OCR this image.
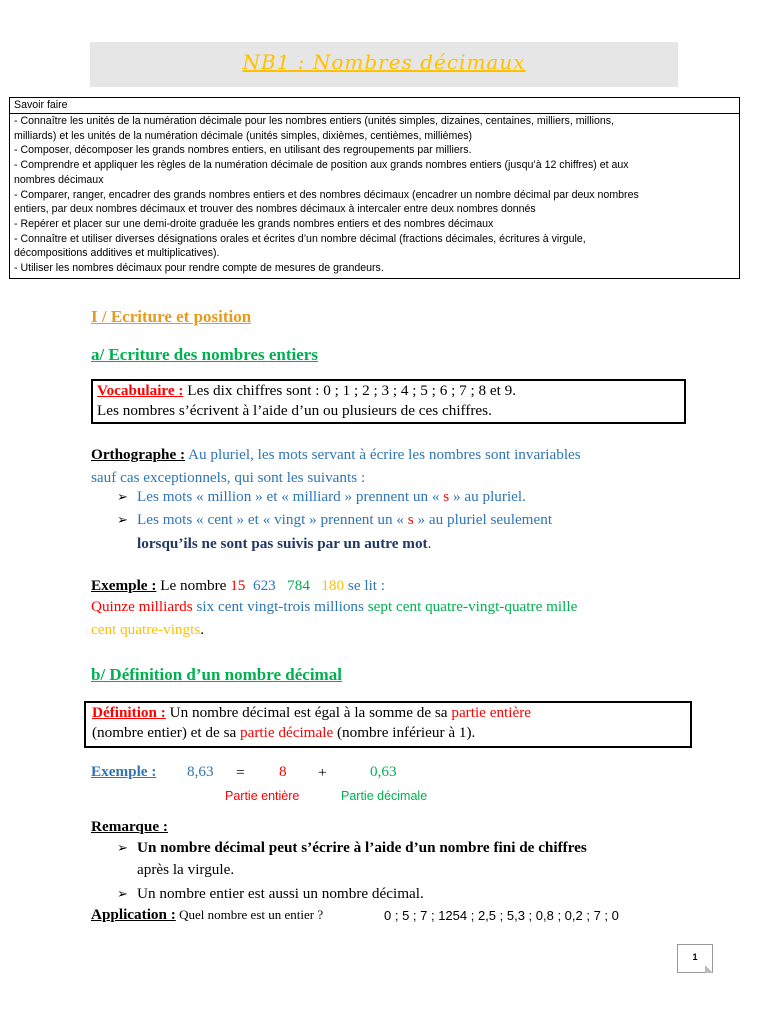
NB1 : Nombres décimaux
Savoir faire
- Connaître les unités de la numération décimale pour les nombres entiers (unités simples, dizaines, centaines, milliers, millions,
milliards) et les unités de la numération décimale (unités simples, dixièmes, centièmes, millièmes)
- Composer, décomposer les grands nombres entiers, en utilisant des regroupements par milliers.
- Comprendre et appliquer les règles de la numération décimale de position aux grands nombres entiers (jusqu’à 12 chiffres) et aux
nombres décimaux
- Comparer, ranger, encadrer des grands nombres entiers et des nombres décimaux (encadrer un nombre décimal par deux nombres
entiers, par deux nombres décimaux et trouver des nombres décimaux à intercaler entre deux nombres donnés
- Repérer et placer sur une demi-droite graduée les grands nombres entiers et des nombres décimaux
- Connaître et utiliser diverses désignations orales et écrites d’un nombre décimal (fractions décimales, écritures à virgule,
décompositions additives et multiplicatives).
- Utiliser les nombres décimaux pour rendre compte de mesures de grandeurs.
I / Ecriture et position
a/ Ecriture des nombres entiers
Vocabulaire : Les dix chiffres sont : 0 ; 1 ; 2 ; 3 ; 4 ; 5 ; 6 ; 7 ; 8 et 9.
Les nombres s’écrivent à l’aide d’un ou plusieurs de ces chiffres.
Orthographe : Au pluriel, les mots servant à écrire les nombres sont invariables
sauf cas exceptionnels, qui sont les suivants :
➢ Les mots « million » et « milliard » prennent un « s » au pluriel.
➢ Les mots « cent » et « vingt » prennent un « s » au pluriel seulement
lorsqu’ils ne sont pas suivis par un autre mot.
Exemple : Le nombre 15 623 784 180 se lit :
Quinze milliards six cent vingt-trois millions sept cent quatre-vingt-quatre mille
cent quatre-vingts.
b/ Définition d’un nombre décimal
Définition : Un nombre décimal est égal à la somme de sa partie entière
(nombre entier) et de sa partie décimale (nombre inférieur à 1).
Exemple : 8,63 = 8 +	0,63
Partie entière	Partie décimale
Remarque :
➢ Un nombre décimal peut s’écrire à l’aide d’un nombre fini de chiffres
après la virgule.
➢ Un nombre entier est aussi un nombre décimal.
Application : Quel nombre est un entier ?	0 ; 5 ; 7 ; 1254 ; 2,5 ; 5,3 ; 0,8 ; 0,2 ; 7 ; 0
1
